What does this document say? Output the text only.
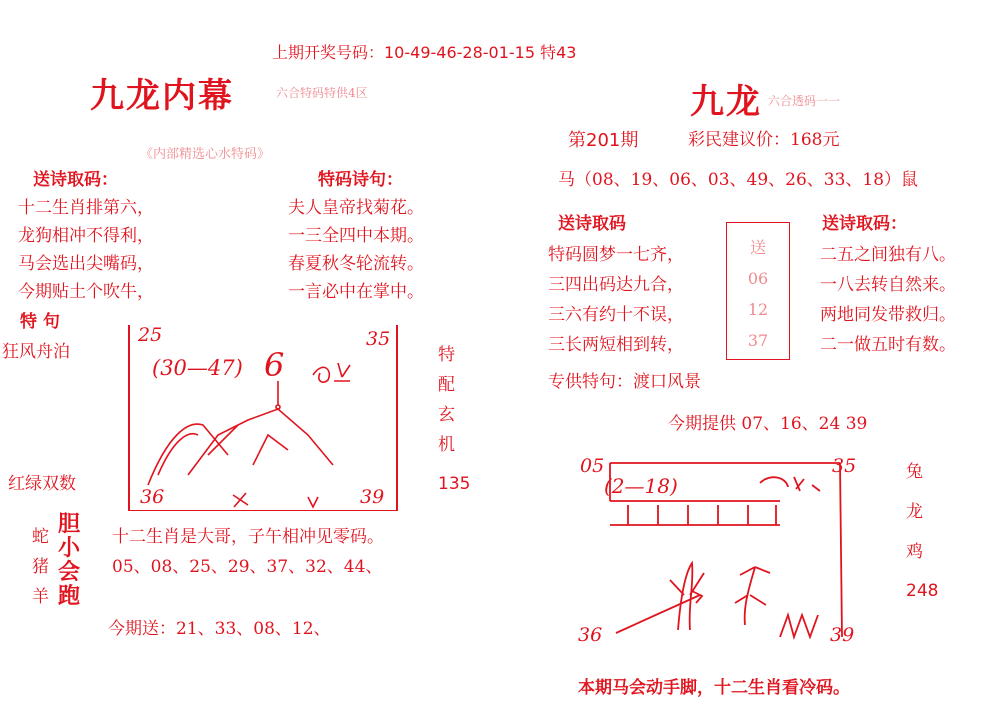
上期开奖号码：10-49-46-28-01-15 特43
九龙内幕	六合特码特供4区
《内部精选心水特码》
送诗取码：

十二生肖排第六，

龙狗相冲不得利，

马会选出尖嘴码，

今期贴土个吹牛，

特码诗句：

夫人皇帝找菊花。

一三全四中本期。

春夏秋冬轮流转。

一言必中在掌中。

特 句
狂风舟泊
红绿双数
25	35
36	39
(30—47) 6	特
配
玄
机
135
蛇
猪
羊
胆
小
会
跑
十二生肖是大哥，子午相冲见零码。
05、08、25、29、37、32、44、
今期送：21、33、08、12、
九龙 六合透码一一
第201期	彩民建议价：168元
马（08、19、06、03、49、26、33、18）鼠
送诗取码

特码圆梦一七齐，

三四出码达九合，

三六有约十不误，

三长两短相到转，

送
06
12
37
送诗取码：

二五之间独有八。

一八去转自然来。

两地同发带救归。

二一做五时有数。

专供特句：渡口风景
今期提供 07、16、24 39
05	35
36	39
(2—18)
兔
龙
鸡
248
本期马会动手脚，十二生肖看冷码。
